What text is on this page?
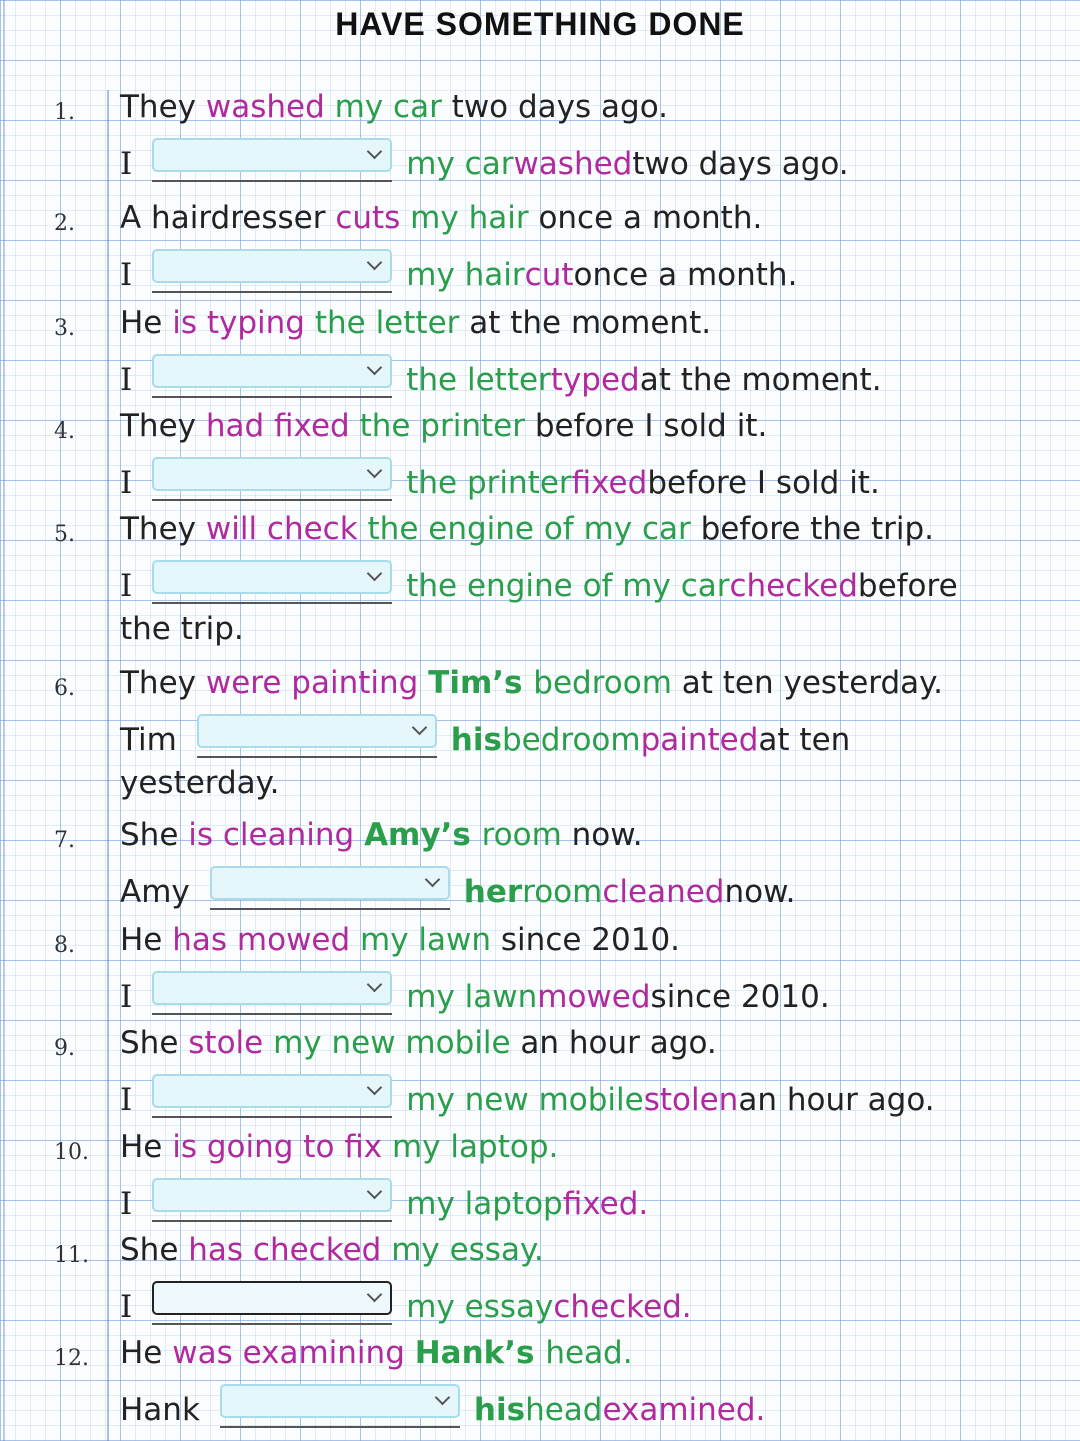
HAVE SOMETHING DONE
1.	They washed my car two days ago.
I	my car washed two days ago.
2.	A hairdresser cuts my hair once a month.
I	my hair cut once a month.
3.	He is typing the letter at the moment.
I	the letter typed at the moment.
4.	They had fixed the printer before I sold it.
I	the printer fixed before I sold it.
5.	They will check the engine of my car before the trip.
I	the engine of my car checked before
the trip.
6.	They were painting Tim’s bedroom at ten yesterday.
Tim	his bedroom painted at ten
yesterday.
7.	She is cleaning Amy’s room now.
Amy	her room cleaned now.
8.	He has mowed my lawn since 2010.
I	my lawn mowed since 2010.
9.	She stole my new mobile an hour ago.
I	my new mobile stolen an hour ago.
10.	He is going to fix my laptop.
I	my laptop fixed.
11.	She has checked my essay.
I	my essay checked.
12.	He was examining Hank’s head.
Hank	his head examined.
